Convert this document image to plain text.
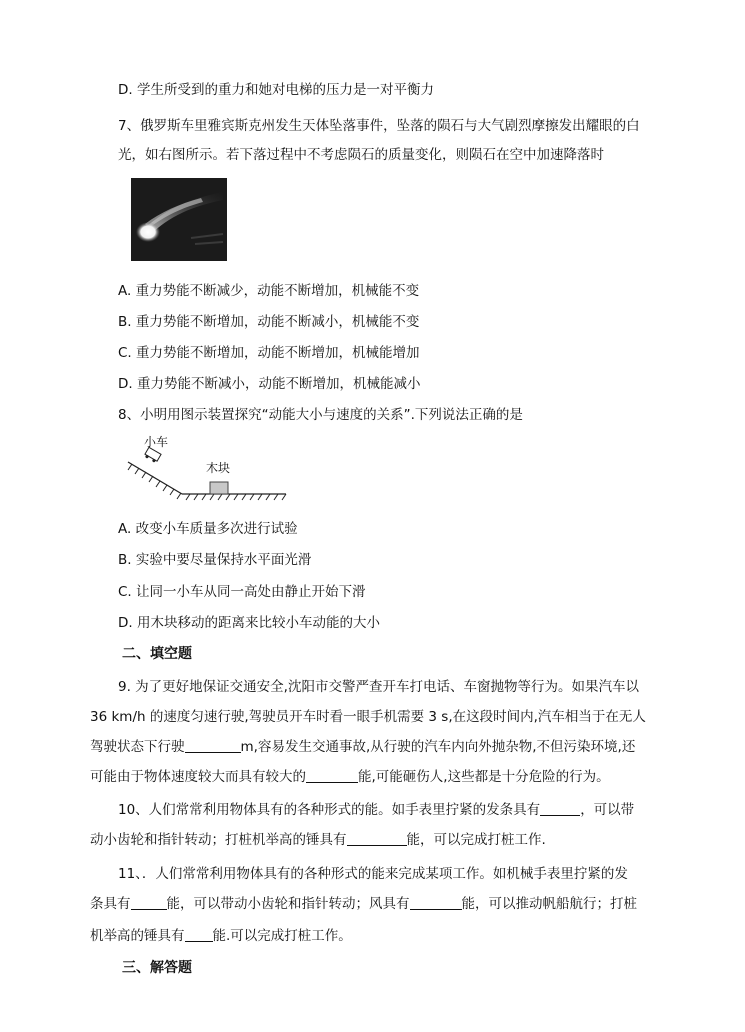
D. 学生所受到的重力和她对电梯的压力是一对平衡力
7、俄罗斯车里雅宾斯克州发生天体坠落事件，坠落的陨石与大气剧烈摩擦发出耀眼的白
光，如右图所示。若下落过程中不考虑陨石的质量变化，则陨石在空中加速降落时
A. 重力势能不断减少，动能不断增加，机械能不变
B. 重力势能不断增加，动能不断减小，机械能不变
C. 重力势能不断增加，动能不断增加，机械能增加
D. 重力势能不断减小，动能不断增加，机械能减小
8、小明用图示装置探究“动能大小与速度的关系”.下列说法正确的是
小车
木块
A. 改变小车质量多次进行试验
B. 实验中要尽量保持水平面光滑
C. 让同一小车从同一高处由静止开始下滑
D. 用木块移动的距离来比较小车动能的大小
二、填空题
9. 为了更好地保证交通安全,沈阳市交警严查开车打电话、车窗抛物等行为。如果汽车以
36 km/h 的速度匀速行驶,驾驶员开车时看一眼手机需要 3 s,在这段时间内,汽车相当于在无人
驾驶状态下行驶	m,容易发生交通事故,从行驶的汽车内向外抛杂物,不但污染环境,还
可能由于物体速度较大而具有较大的	能,可能砸伤人,这些都是十分危险的行为。
10、人们常常利用物体具有的各种形式的能。如手表里拧紧的发条具有	，可以带
动小齿轮和指针转动；打桩机举高的锤具有	能，可以完成打桩工作.
11、．人们常常利用物体具有的各种形式的能来完成某项工作。如机械手表里拧紧的发
条具有	能，可以带动小齿轮和指针转动；风具有	能，可以推动帆船航行；打桩
机举高的锤具有 能.可以完成打桩工作。
三、解答题
